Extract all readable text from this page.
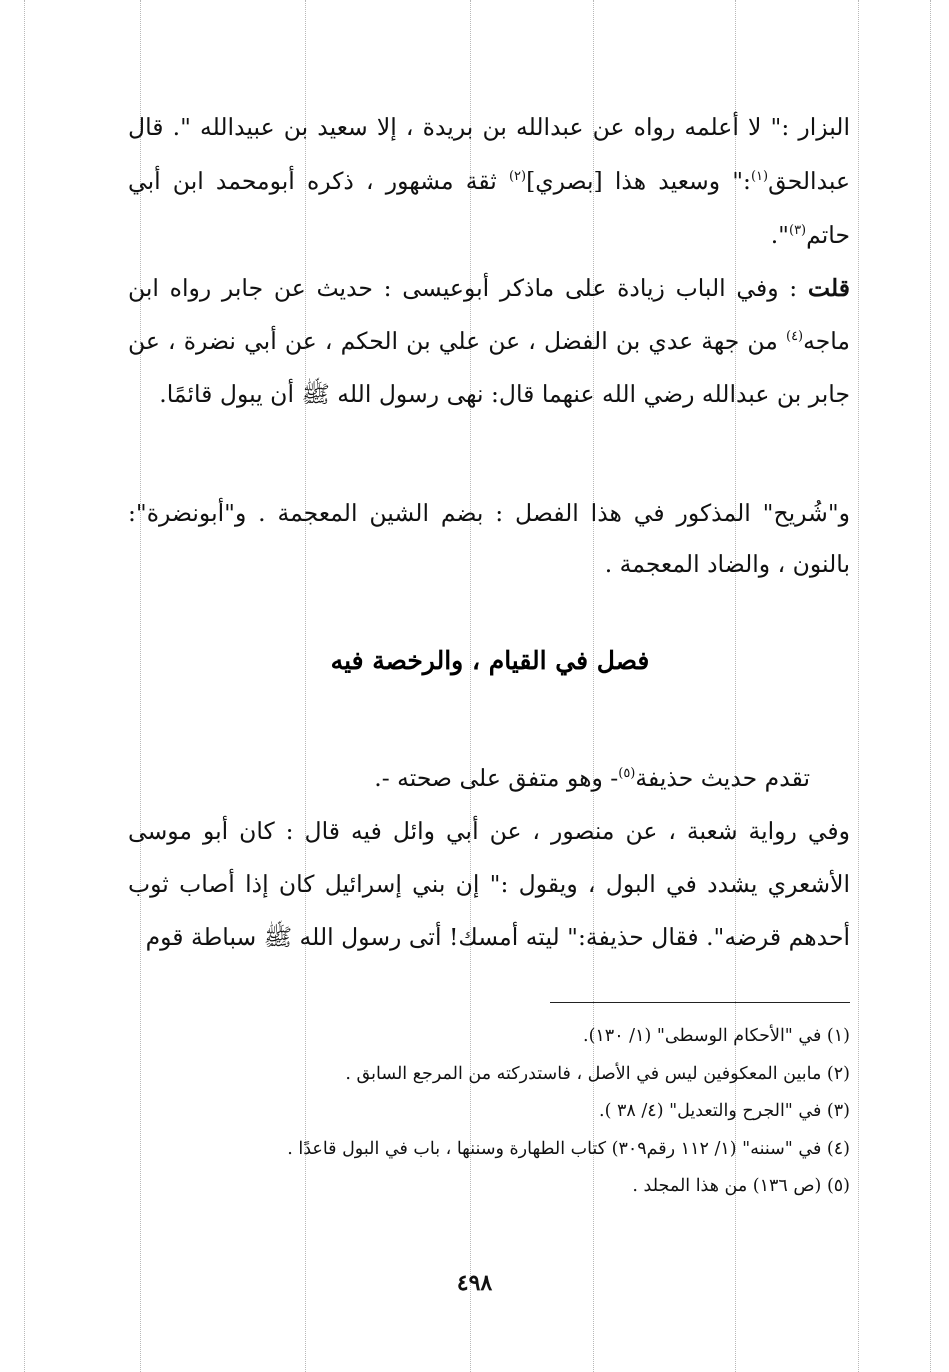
البزار :" لا أعلمه رواه عن عبدالله بن بريدة ، إلا سعيد بن عبيدالله ". قال عبدالحق$^{(١)}$:" وسعيد هذا [بصري]$^{(٢)}$ ثقة مشهور ، ذكره أبومحمد ابن أبي حاتم$^{(٣)}$".
قلت : وفي الباب زيادة على ماذكر أبوعيسى : حديث عن جابر رواه ابن ماجه$^{(٤)}$ من جهة عدي بن الفضل ، عن علي بن الحكم ، عن أبي نضرة ، عن جابر بن عبدالله رضي الله عنهما قال: نهى رسول الله ﷺ أن يبول قائمًا.
و"شُريح" المذكور في هذا الفصل : بضم الشين المعجمة . و"أبونضرة": بالنون ، والضاد المعجمة .
فصل في القيام ، والرخصة فيه
تقدم حديث حذيفة$^{(٥)}$- وهو متفق على صحته -.
وفي رواية شعبة ، عن منصور ، عن أبي وائل فيه قال : كان أبو موسى الأشعري يشدد في البول ، ويقول :" إن بني إسرائيل كان إذا أصاب ثوب أحدهم قرضه". فقال حذيفة:" ليته أمسك! أتى رسول الله ﷺ سباطة قوم
(١) في "الأحكام الوسطى" (١/ ١٣٠).
(٢) مابين المعكوفين ليس في الأصل ، فاستدركته من المرجع السابق .
(٣) في "الجرح والتعديل" (٤/ ٣٨ ).
(٤) في "سننه" (١/ ١١٢ رقم٣٠٩) كتاب الطهارة وسننها ، باب في البول قاعدًا .
(٥) (ص ١٣٦) من هذا المجلد .
٤٩٨
